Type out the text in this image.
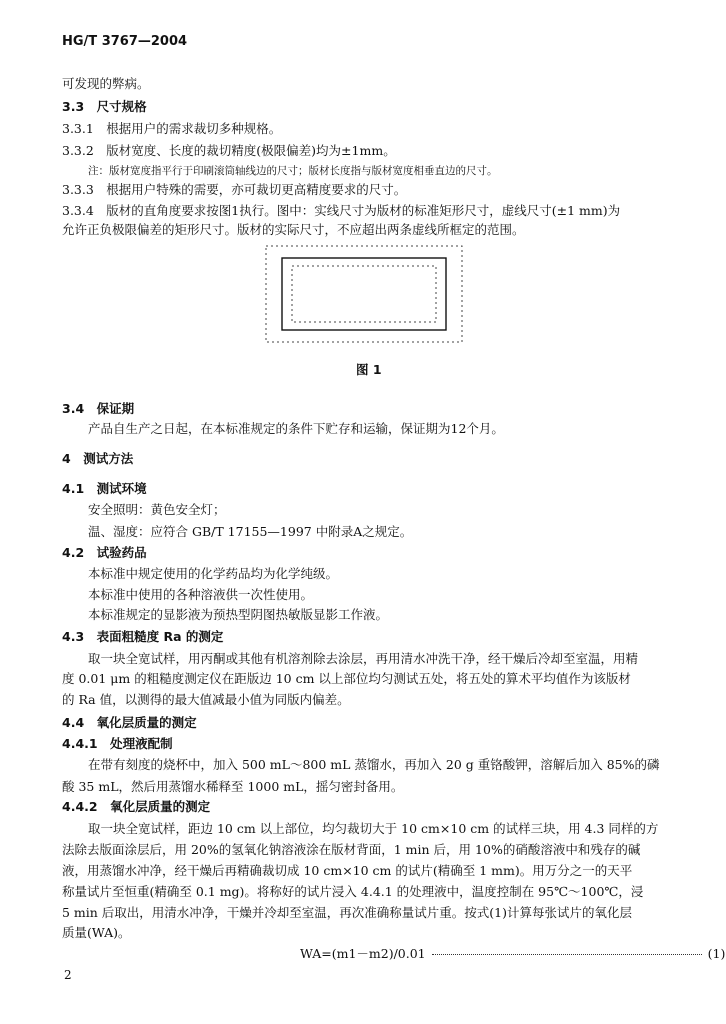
HG/T 3767—2004
可发现的弊病。
3.3　尺寸规格
3.3.1　根据用户的需求裁切多种规格。
3.3.2　版材宽度、长度的裁切精度(极限偏差)均为±1mm。
注：版材宽度指平行于印刷滚筒轴线边的尺寸；版材长度指与版材宽度相垂直边的尺寸。
3.3.3　根据用户特殊的需要，亦可裁切更高精度要求的尺寸。
3.3.4　版材的直角度要求按图1执行。图中：实线尺寸为版材的标准矩形尺寸，虚线尺寸(±1 mm)为
允许正负极限偏差的矩形尺寸。版材的实际尺寸，不应超出两条虚线所框定的范围。
图 1
3.4　保证期
产品自生产之日起，在本标准规定的条件下贮存和运输，保证期为12个月。
4　测试方法
4.1　测试环境
安全照明：黄色安全灯；
温、湿度：应符合 GB/T 17155—1997 中附录A之规定。
4.2　试验药品
本标准中规定使用的化学药品均为化学纯级。
本标准中使用的各种溶液供一次性使用。
本标准规定的显影液为预热型阴图热敏版显影工作液。
4.3　表面粗糙度 Ra 的测定
取一块全宽试样，用丙酮或其他有机溶剂除去涂层，再用清水冲洗干净，经干燥后冷却至室温，用精
度 0.01 μm 的粗糙度测定仪在距版边 10 cm 以上部位均匀测试五处，将五处的算术平均值作为该版材
的 Ra 值，以测得的最大值减最小值为同版内偏差。
4.4　氧化层质量的测定
4.4.1　处理液配制
在带有刻度的烧杯中，加入 500 mL～800 mL 蒸馏水，再加入 20 g 重铬酸钾，溶解后加入 85%的磷
酸 35 mL，然后用蒸馏水稀释至 1000 mL，摇匀密封备用。
4.4.2　氧化层质量的测定
取一块全宽试样，距边 10 cm 以上部位，均匀裁切大于 10 cm×10 cm 的试样三块，用 4.3 同样的方
法除去版面涂层后，用 20%的氢氧化钠溶液涂在版材背面，1 min 后，用 10%的硝酸溶液中和残存的碱
液，用蒸馏水冲净，经干燥后再精确裁切成 10 cm×10 cm 的试片(精确至 1 mm)。用万分之一的天平
称量试片至恒重(精确至 0.1 mg)。将称好的试片浸入 4.4.1 的处理液中，温度控制在 95℃～100℃，浸
5 min 后取出，用清水冲净，干燥并冷却至室温，再次准确称量试片重。按式(1)计算每张试片的氧化层
质量(WA)。
WA=(m1－m2)/0.01	(1)
2
